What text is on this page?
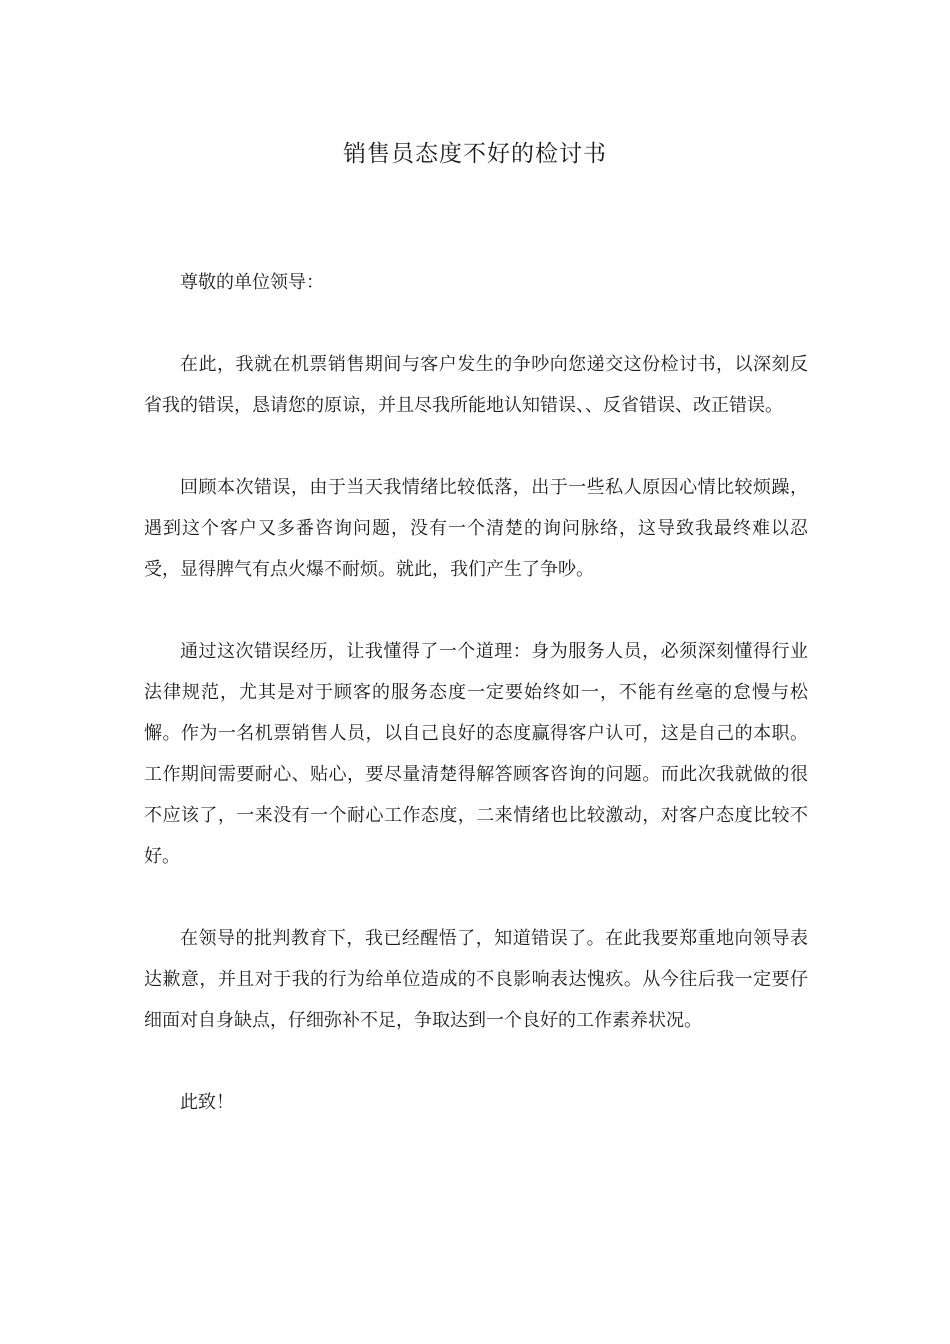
销售员态度不好的检讨书

尊敬的单位领导：

在此，我就在机票销售期间与客户发生的争吵向您递交这份检讨书，以深刻反省我的错误，恳请您的原谅，并且尽我所能地认知错误、、反省错误、改正错误。

回顾本次错误，由于当天我情绪比较低落，出于一些私人原因心情比较烦躁，遇到这个客户又多番咨询问题，没有一个清楚的询问脉络，这导致我最终难以忍受，显得脾气有点火爆不耐烦。就此，我们产生了争吵。

通过这次错误经历，让我懂得了一个道理：身为服务人员，必须深刻懂得行业法律规范，尤其是对于顾客的服务态度一定要始终如一，不能有丝毫的怠慢与松懈。作为一名机票销售人员，以自己良好的态度赢得客户认可，这是自己的本职。工作期间需要耐心、贴心，要尽量清楚得解答顾客咨询的问题。而此次我就做的很不应该了，一来没有一个耐心工作态度，二来情绪也比较激动，对客户态度比较不好。

在领导的批判教育下，我已经醒悟了，知道错误了。在此我要郑重地向领导表达歉意，并且对于我的行为给单位造成的不良影响表达愧疚。从今往后我一定要仔细面对自身缺点，仔细弥补不足，争取达到一个良好的工作素养状况。

此致！
